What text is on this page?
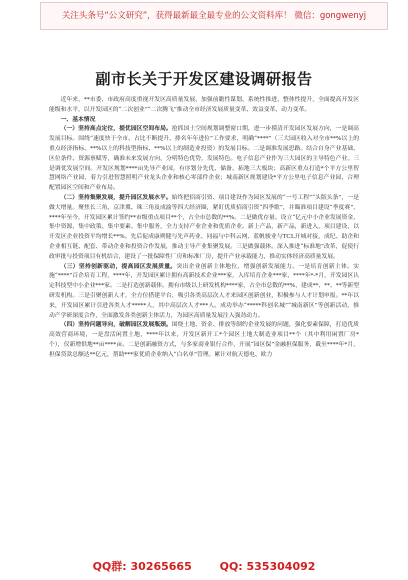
关注头条号“公文研究”，获得最新最全最专业的公文资料库！ 微信：gongwenyj
副市长关于开发区建设调研报告

近年来，**市委、市政府高度重视开发区高质量发展，加强前瞻性谋划、系统性推进、整体性提升，全面提高开发区能级和水平，以开发园区的“二次创业”“二次腾飞”推动全市经济发展质量变革、效益变革、动力变革。

一、基本情况

（一）坚持高点定位，提优园区空间布局。抢抓国土空间规划调整窗口期，进一步摸清开发园区发展方向，一是调高发展目标。围绕“速度快于全市、占比不断提升、排名年年进位”工作要求，明确“****”（三大园区收入对全市**%以上的重点经济指标、**%以上的科技型指标、**%以上的制造业投资）的发展目标。二是调准发展思路。结合自身产业基础、区位条件、资源禀赋等，确准未来发展方向，分明特色优势，发展特色。电子信息产业作为三大园区的主导特色产业。三是调优发展空间。开发区规划****亩先导产业园，有序划分先优、储备、拓地三大板块；高新区重点打造*个平方公里智慧网络产业园，着力引进智慧照明产业龙头企业和核心零部件企业；城南新区规划建设*平方公里电子信息产业园，合理配置园区空间和产业布局。

（二）坚持集聚发展，提升园区发展水平。始终把招商引资、项目建设作为园区发展的“一号工程”“头版头条”，一是做大增量。聚焦长三角、京津冀、珠三角及成渝等四大经济圈，紧盯优质招商引资“四季歌”，并瞄准项目建设“季度赛”，****年至今，开发园区累计签约**市级重点项目**个，占全市总数的**%。二是做优存量。设立“亿元中小企业发展资金，集中资源、集中政策、集中要素、集中服务，全力支持产业企业和优质企业。新上产品，新产品，新进入，项目建设，以开发区企业投资平均增长**%。先后促成康朔健与先声药业、同福与中科云网、蓝帆骏业与TCL开城对接，成纪、助企和企业相互链、配套、带动企业和投资合作发展，推动主导产业集聚发展。三是做强载体。深入推进“标准地”改革，促使行政审批与投资项目有机结合，建设了一批保障性厂房和标准厂房，提升产业承载能力，推动实体经济高质量发展。

（三）坚持创新驱动，提高园区发展质量。突出企业创新主体地位，增强创新发展能力。一是培育创新主体。实施“****”百企培育工程，****年，开发园区累计拥有高新技术企业***家，入库培育企业***家，****年*-*月，开发园区认定科技型中小企业***家。二是打造创新载体。拥有市级以上研发机构****家，占全市总数的**%，建成**、**、**等新型研发机构。三是引聚创新人才，全方位搭建平台，吸引各类高层次人才来园区创新创业，积极参与人才计划申报。**年以来，开发园区累计引进各类人才*****人，其中高层次人才***人。成功举办“*****科创名城”“城南新区”等创新活动，推动产学研深度合作，全面激发各类创新主体活力，为园区高质量发展注入强劲动力。

（四）坚持问题导向，破解园区发展瓶颈。围绕土地、资金、排放等制约企业发展的问题，强化要素保障，打造优质高效营商环境，一是盘活闲置土地，****年以来，开发区新开工*个园区土地大制造业项目**个（其中利用闲置厂房*个），仅新增供地**亩****亩。二是创新融资方式，与多家商业银行合作，开展“园区保”金融担保服务，截至****年*月，担保贷款总额达**亿元，帮助***家优质企业纳入“白名单”管理。累计对航天德电、欧力

QQ群: 30265665	QQ: 535304092
